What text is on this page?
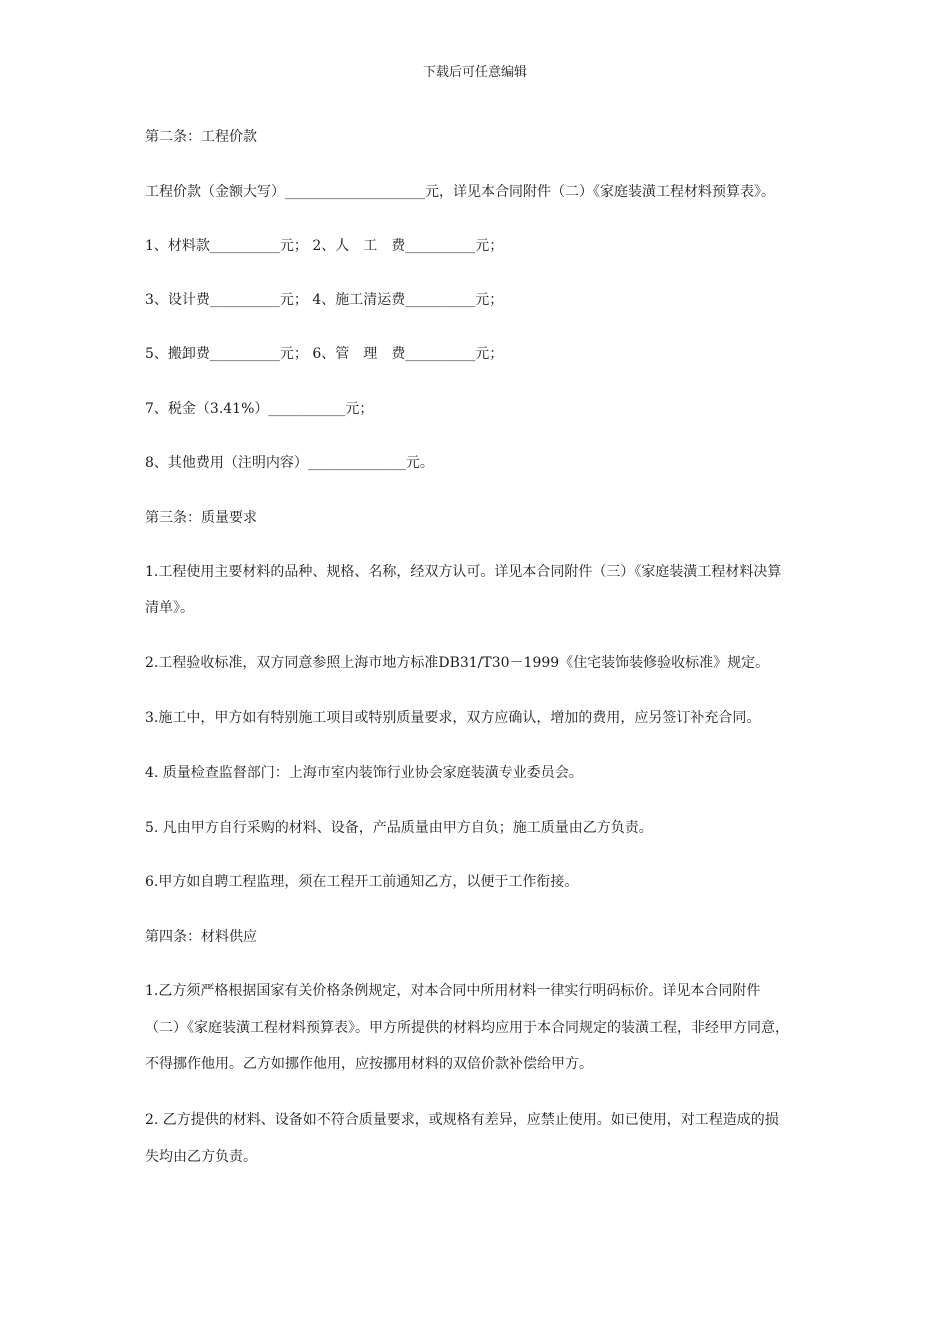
下载后可任意编辑
第二条：工程价款
工程价款（金额大写）____________________元，详见本合同附件（二）《家庭装潢工程材料预算表》。
1、材料款__________元； 2、人　工　费__________元；
3、设计费__________元； 4、施工清运费__________元；
5、搬卸费__________元； 6、管　理　费__________元；
7、税金（3.41%）___________元；
8、其他费用（注明内容）______________元。
第三条：质量要求
1.工程使用主要材料的品种、规格、名称，经双方认可。详见本合同附件（三）《家庭装潢工程材料决算
清单》。
2.工程验收标准，双方同意参照上海市地方标准DB31/T30－1999《住宅装饰装修验收标准》规定。
3.施工中，甲方如有特别施工项目或特别质量要求，双方应确认，增加的费用，应另签订补充合同。
4. 质量检查监督部门：上海市室内装饰行业协会家庭装潢专业委员会。
5. 凡由甲方自行采购的材料、设备，产品质量由甲方自负；施工质量由乙方负责。
6.甲方如自聘工程监理，须在工程开工前通知乙方，以便于工作衔接。
第四条：材料供应
1.乙方须严格根据国家有关价格条例规定，对本合同中所用材料一律实行明码标价。详见本合同附件
（二）《家庭装潢工程材料预算表》。甲方所提供的材料均应用于本合同规定的装潢工程，非经甲方同意，
不得挪作他用。乙方如挪作他用，应按挪用材料的双倍价款补偿给甲方。
2. 乙方提供的材料、设备如不符合质量要求，或规格有差异，应禁止使用。如已使用，对工程造成的损
失均由乙方负责。
